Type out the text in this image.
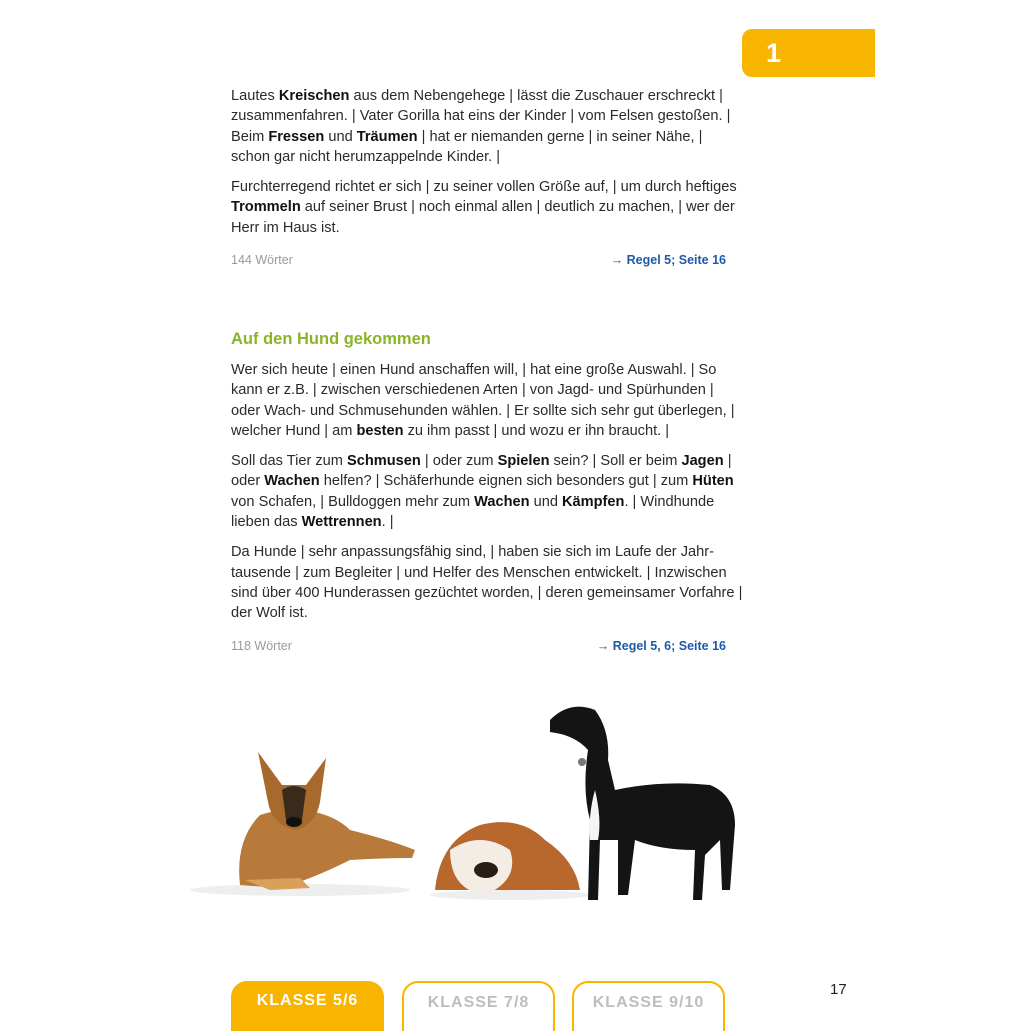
1

Lautes Kreischen aus dem Nebengehege | lässt die Zuschauer erschreckt |
zusammenfahren. | Vater Gorilla hat eins der Kinder | vom Felsen gestoßen. |
Beim Fressen und Träumen | hat er niemanden gerne | in seiner Nähe, |
schon gar nicht herumzappelnde Kinder. |

Furchterregend richtet er sich | zu seiner vollen Größe auf, | um durch heftiges
Trommeln auf seiner Brust | noch einmal allen | deutlich zu machen, | wer der
Herr im Haus ist.

144 Wörter	→ Regel 5; Seite 16
Auf den Hund gekommen

Wer sich heute | einen Hund anschaffen will, | hat eine große Auswahl. | So
kann er z.B. | zwischen verschiedenen Arten | von Jagd- und Spürhunden |
oder Wach- und Schmusehunden wählen. | Er sollte sich sehr gut überlegen, |
welcher Hund | am besten zu ihm passt | und wozu er ihn braucht. |

Soll das Tier zum Schmusen | oder zum Spielen sein? | Soll er beim Jagen |
oder Wachen helfen? | Schäferhunde eignen sich besonders gut | zum Hüten
von Schafen, | Bulldoggen mehr zum Wachen und Kämpfen. | Windhunde
lieben das Wettrennen. |

Da Hunde | sehr anpassungsfähig sind, | haben sie sich im Laufe der Jahr-
tausende | zum Begleiter | und Helfer des Menschen entwickelt. | Inzwischen
sind über 400 Hunderassen gezüchtet worden, | deren gemeinsamer Vorfahre |
der Wolf ist.

118 Wörter	→ Regel 5, 6; Seite 16
KLASSE 5/6	KLASSE 7/8	KLASSE 9/10
17
